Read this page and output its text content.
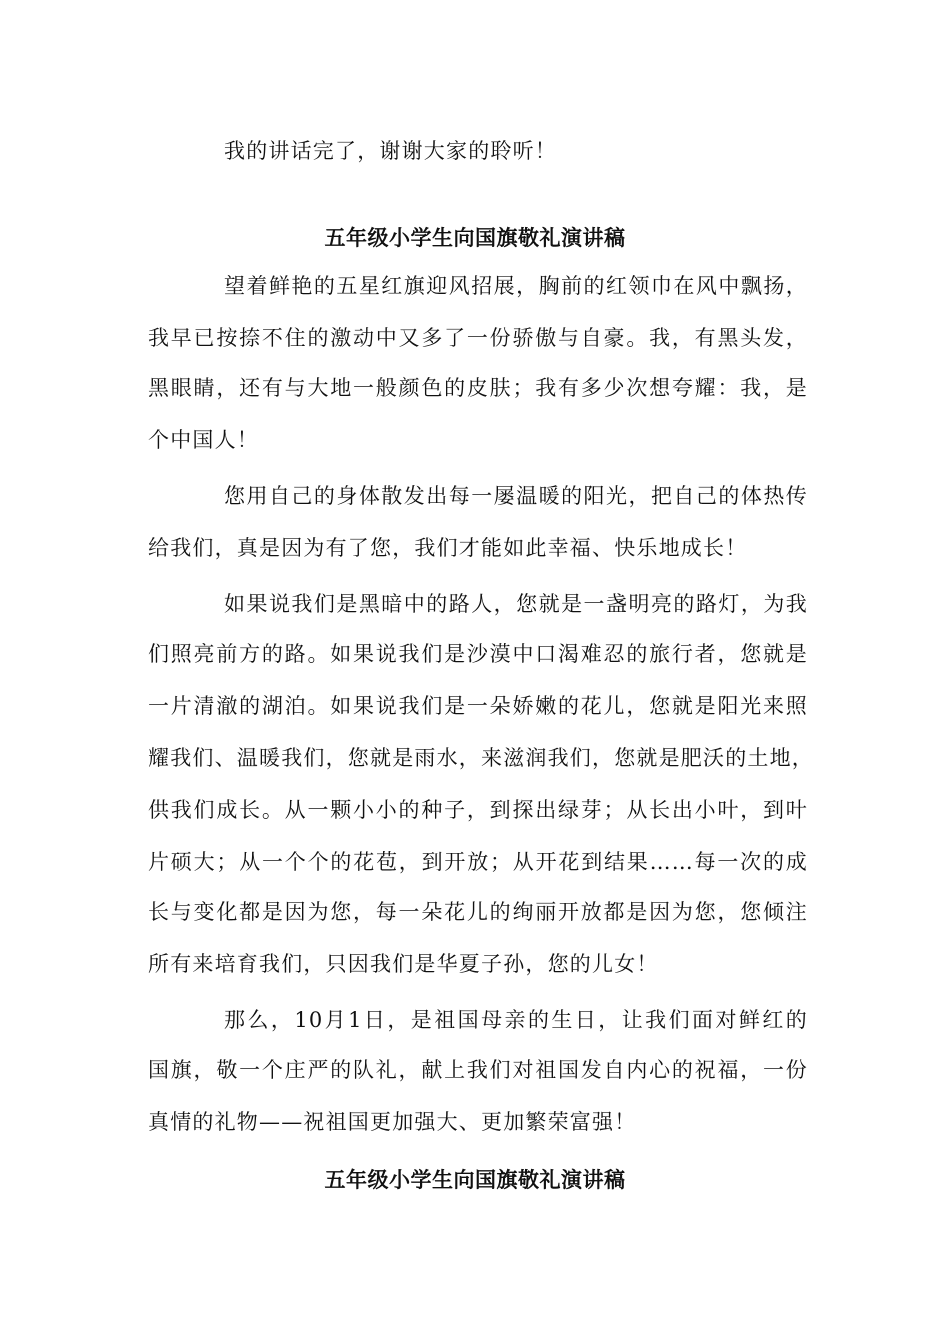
我的讲话完了，谢谢大家的聆听！
五年级小学生向国旗敬礼演讲稿
望着鲜艳的五星红旗迎风招展，胸前的红领巾在风中飘扬，
我早已按捺不住的激动中又多了一份骄傲与自豪。我，有黑头发，
黑眼睛，还有与大地一般颜色的皮肤；我有多少次想夸耀：我，是
个中国人！
您用自己的身体散发出每一屡温暖的阳光，把自己的体热传
给我们，真是因为有了您，我们才能如此幸福、快乐地成长！
如果说我们是黑暗中的路人，您就是一盏明亮的路灯，为我
们照亮前方的路。如果说我们是沙漠中口渴难忍的旅行者，您就是
一片清澈的湖泊。如果说我们是一朵娇嫩的花儿，您就是阳光来照
耀我们、温暖我们，您就是雨水，来滋润我们，您就是肥沃的土地，
供我们成长。从一颗小小的种子，到探出绿芽；从长出小叶，到叶
片硕大；从一个个的花苞，到开放；从开花到结果……每一次的成
长与变化都是因为您，每一朵花儿的绚丽开放都是因为您，您倾注
所有来培育我们，只因我们是华夏子孙，您的儿女！
那么，10月1日，是祖国母亲的生日，让我们面对鲜红的
国旗，敬一个庄严的队礼，献上我们对祖国发自内心的祝福，一份
真情的礼物——祝祖国更加强大、更加繁荣富强！
五年级小学生向国旗敬礼演讲稿
